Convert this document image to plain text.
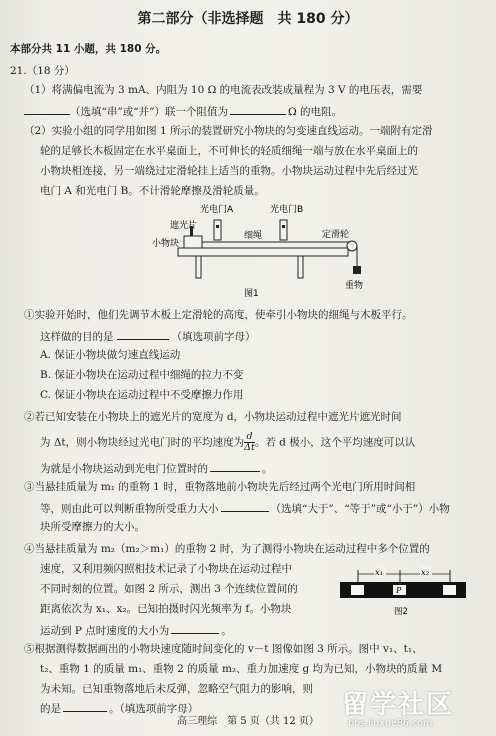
第二部分（非选择题　共 180 分）
本部分共 11 小题，共 180 分。
21.（18 分）
（1）将满偏电流为 3 mA、内阻为 10 Ω 的电流表改装成量程为 3 V 的电压表，需要
（选填“串”或“并”）联一个阻值为	Ω 的电阻。
（2）实验小组的同学用如图 1 所示的装置研究小物块的匀变速直线运动。一端附有定滑
轮的足够长木板固定在水平桌面上，不可伸长的轻质细绳一端与放在水平桌面上的
小物块相连接，另一端绕过定滑轮挂上适当的重物。小物块运动过程中先后经过光
电门 A 和光电门 B。不计滑轮摩擦及滑轮质量。
遮光片
小物块
光电门A	光电门B
细绳	定滑轮
重物
图1
①实验开始时，他们先调节木板上定滑轮的高度，使牵引小物块的细绳与木板平行。
这样做的目的是	（填选项前字母）
A. 保证小物块做匀速直线运动
B. 保证小物块在运动过程中细绳的拉力不变
C. 保证小物块在运动过程中不受摩擦力作用
②若已知安装在小物块上的遮光片的宽度为 d，小物块运动过程中遮光片遮光时间
为 Δt，则小物块经过光电门时的平均速度为 $\frac{d}{\Delta t}$ 。若 d 极小，这个平均速度可以认
为就是小物块运动到光电门位置时的	。
③当悬挂质量为 m₁ 的重物 1 时，重物落地前小物块先后经过两个光电门所用时间相
等，则由此可以判断重物所受重力大小	（选填“大于”、“等于”或“小于”）小物
块所受摩擦力的大小。
④当悬挂质量为 m₂（m₂＞m₁）的重物 2 时，为了测得小物块在运动过程中多个位置的
速度，又利用频闪照相技术记录了小物块在运动过程中
不同时刻的位置。如图 2 所示，测出 3 个连续位置间的
距离依次为 x₁、x₂。已知拍摄时闪光频率为 f。小物块
运动到 P 点时速度的大小为	。
x₁	x₂
P
图2
⑤根据测得数据画出的小物块速度随时间变化的 v－t 图像如图 3 所示。图中 v₁、t₁、
t₂、重物 1 的质量 m₁、重物 2 的质量 m₂、重力加速度 g 均为已知，小物块的质量 M
为未知。已知重物落地后未反弹，忽略空气阻力的影响，则
的是	。（填选项前字母）
高三理综　第 5 页（共 12 页）
留学社区
bbs.liuxue86.com
